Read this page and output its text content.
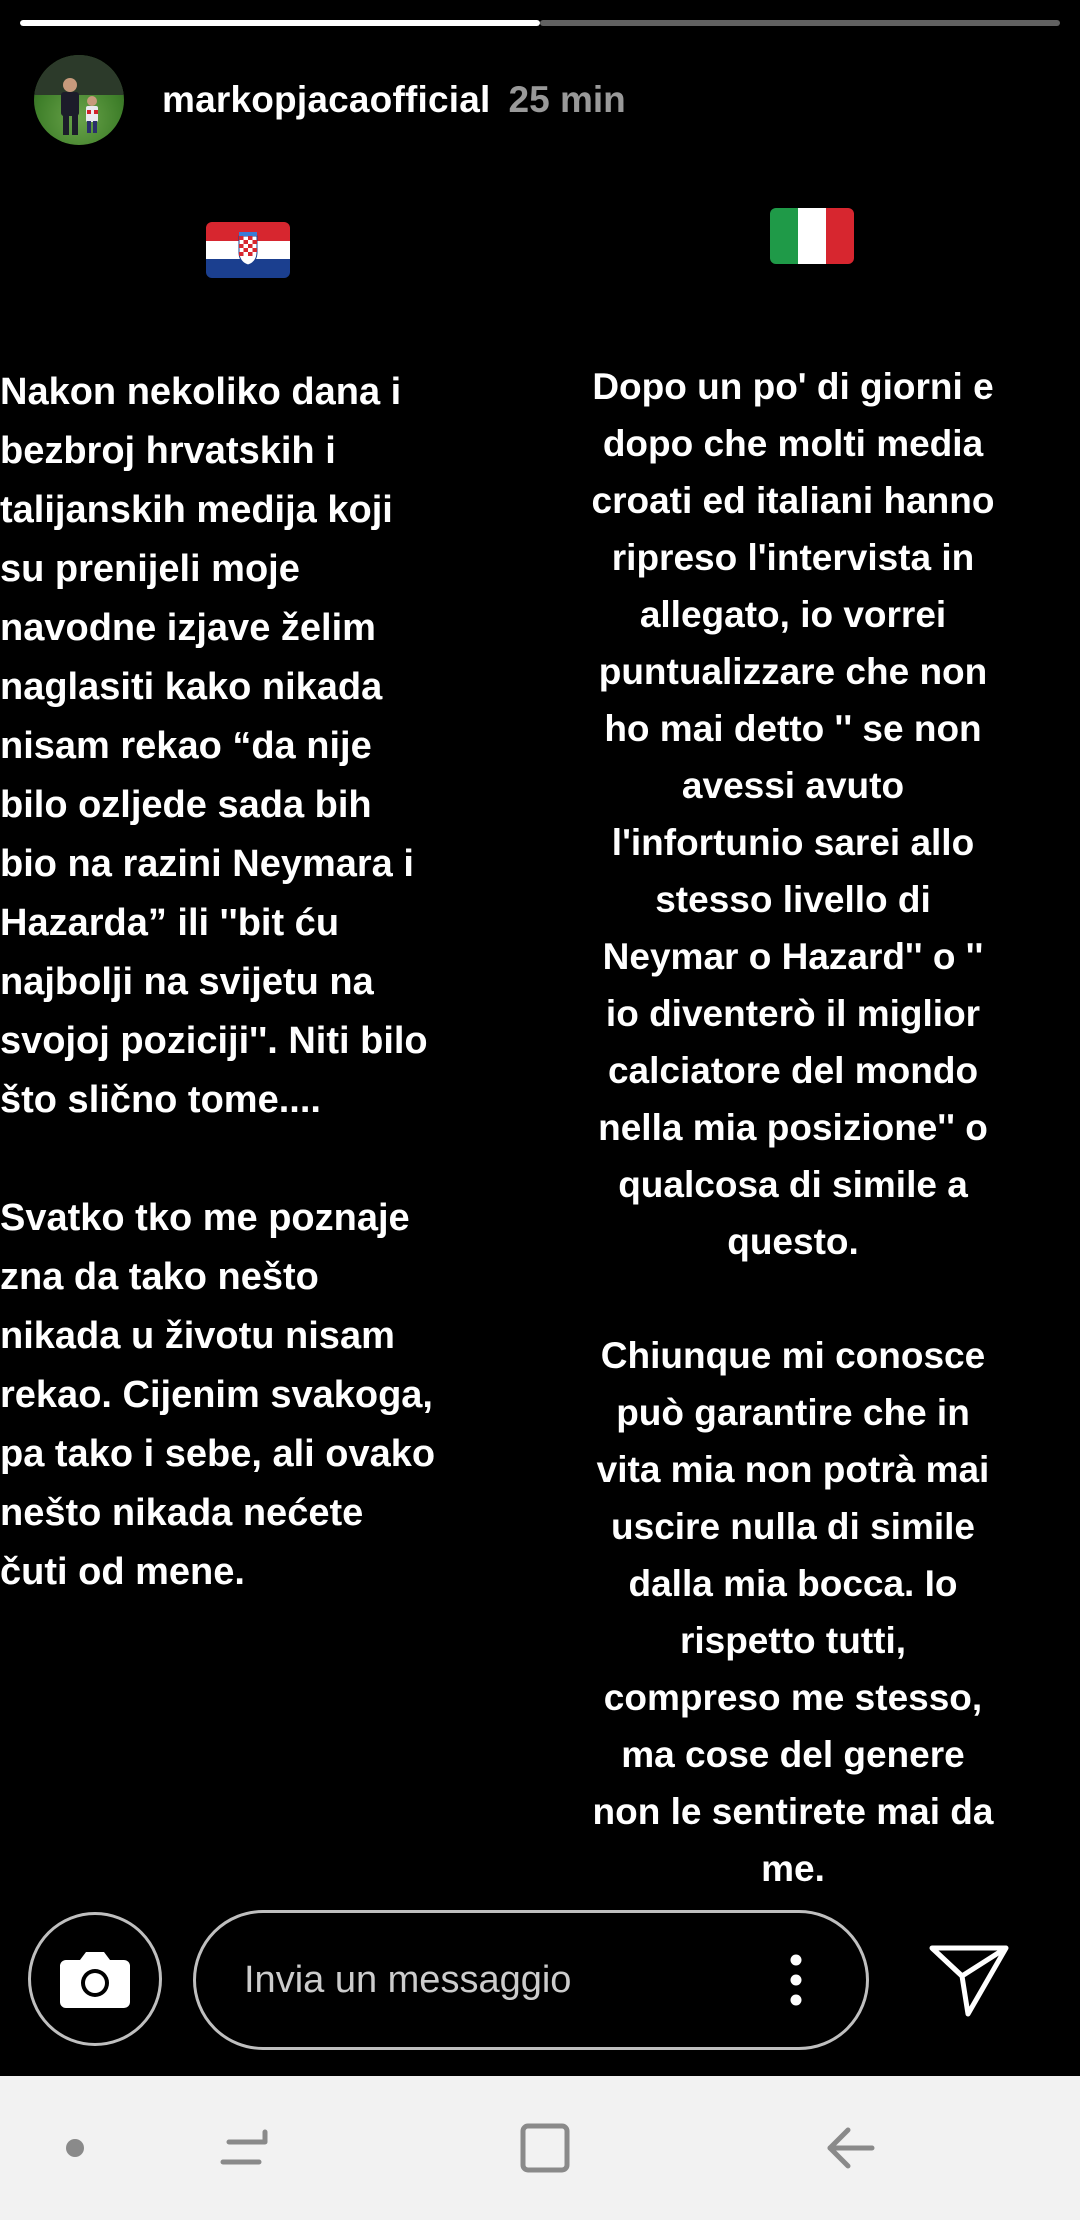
markopjacaofficial 25 min
Nakon nekoliko dana i
bezbroj hrvatskih i
talijanskih medija koji
su prenijeli moje
navodne izjave želim
naglasiti kako nikada
nisam rekao “da nije
bilo ozljede sada bih
bio na razini Neymara i
Hazarda” ili ''bit ću
najbolji na svijetu na
svojoj poziciji''. Niti bilo
što slično tome....

Svatko tko me poznaje
zna da tako nešto
nikada u životu nisam
rekao. Cijenim svakoga,
pa tako i sebe, ali ovako
nešto nikada nećete
čuti od mene.
Dopo un po' di giorni e
dopo che molti media
croati ed italiani hanno
ripreso l'intervista in
allegato, io vorrei
puntualizzare che non
ho mai detto '' se non
avessi avuto
l'infortunio sarei allo
stesso livello di
Neymar o Hazard'' o ''
io diventerò il miglior
calciatore del mondo
nella mia posizione'' o
qualcosa di simile a
questo.

Chiunque mi conosce
può garantire che in
vita mia non potrà mai
uscire nulla di simile
dalla mia bocca. Io
rispetto tutti,
compreso me stesso,
ma cose del genere
non le sentirete mai da
me.
Invia un messaggio
